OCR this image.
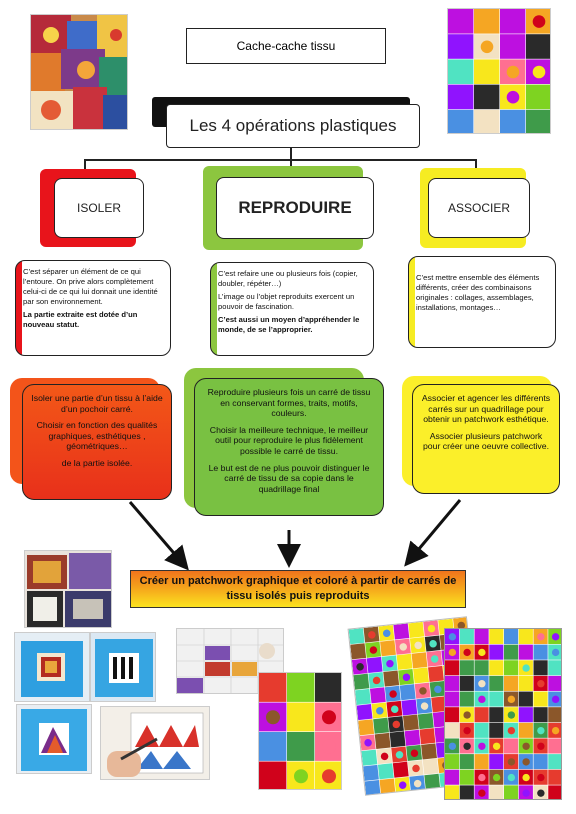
Cache-cache tissu
Les 4 opérations plastiques
ISOLER

C’est séparer un élément de ce qui l’entoure. On prive alors complètement celui-ci de ce qui lui donnait une identité par son environnement.

La partie extraite est dotée d’un nouveau statut.

Isoler une partie d’un tissu à l’aide d’un pochoir carré.

Choisir en fonction des qualités graphiques, esthétiques , géométriques…

de la partie isolée.

REPRODUIRE

C’est refaire une ou plusieurs fois (copier, doubler, répéter…)

L’image ou l’objet reproduits exercent un pouvoir de fascination.

C’est aussi un moyen d’appréhender le monde, de se l’approprier.

Reproduire plusieurs fois un carré de tissu en conservant formes, traits, motifs, couleurs.

Choisir la meilleure technique, le meilleur outil pour reproduire le plus fidèlement possible le carré de tissu.

Le but est de ne plus pouvoir distinguer le carré de tissu de sa copie dans le quadrillage final

ASSOCIER

C’est mettre ensemble des éléments différents, créer des combinaisons originales : collages, assemblages, installations, montages…

Associer et agencer les différents carrés sur un quadrillage pour obtenir un patchwork esthétique.

Associer plusieurs patchwork pour créer une oeuvre collective.

Créer un patchwork graphique et coloré à partir de carrés de tissu isolés puis reproduits
